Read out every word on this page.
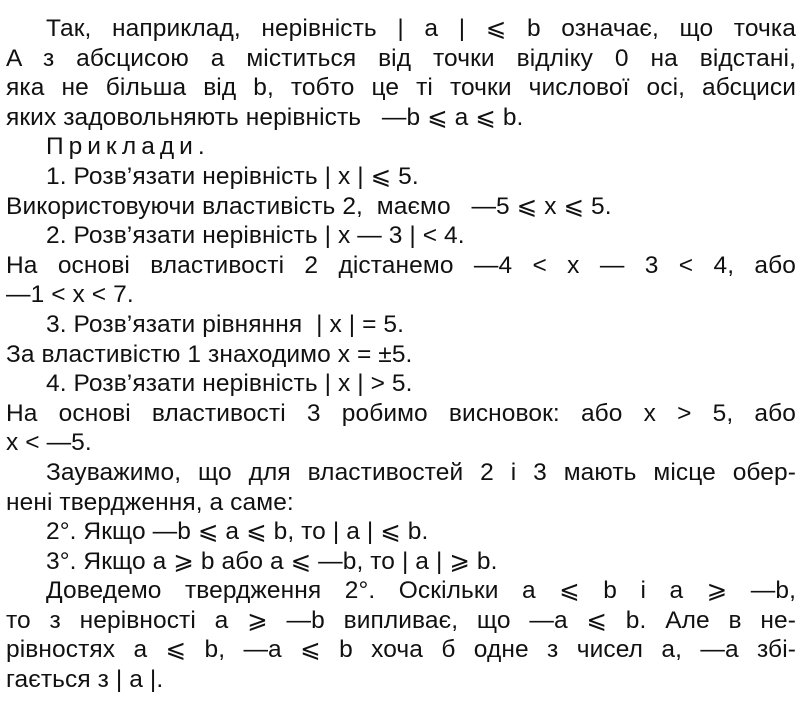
Так, наприклад, нерівність | a | ⩽ b означає, що точка
A з абсцисою a міститься від точки відліку 0 на відстані,
яка не більша від b, тобто це ті точки числової осі, абсциси
яких задовольняють нерівність   —b ⩽ a ⩽ b.
Приклади.
1. Розв’язати нерівність | x | ⩽ 5.
Використовуючи властивість 2,  маємо   —5 ⩽ x ⩽ 5.
2. Розв’язати нерівність | x — 3 | < 4.
На основі властивості 2 дістанемо —4 < x — 3 < 4, або
—1 < x < 7.
3. Розв’язати рівняння  | x | = 5.
За властивістю 1 знаходимо x = ±5.
4. Розв’язати нерівність | x | > 5.
На основі властивості 3 робимо висновок: або x > 5, або
x < —5.
Зауважимо, що для властивостей 2 і 3 мають місце обер-
нені твердження, а саме:
2°. Якщо —b ⩽ a ⩽ b, то | a | ⩽ b.
3°. Якщо a ⩾ b або a ⩽ —b, то | a | ⩾ b.
Доведемо твердження 2°. Оскільки a ⩽ b і a ⩾ —b,
то з нерівності a ⩾ —b випливає, що —a ⩽ b. Але в не-
рівностях a ⩽ b, —a ⩽ b хоча б одне з чисел a, —a збі-
гається з | a |.
